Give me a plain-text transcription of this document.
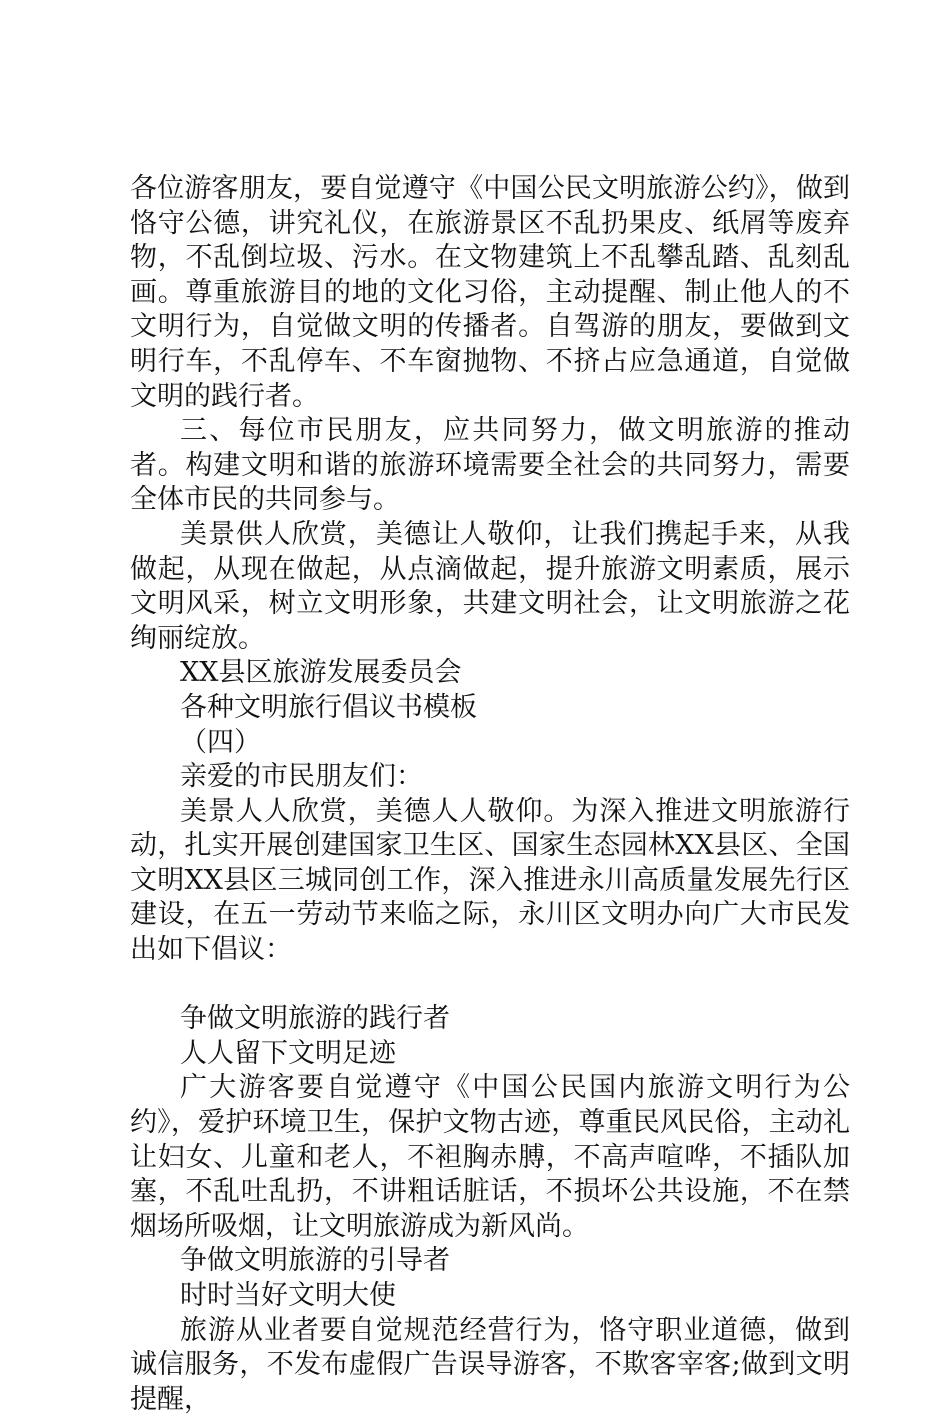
各位游客朋友，要自觉遵守《中国公民文明旅游公约》，做到恪守公德，讲究礼仪，在旅游景区不乱扔果皮、纸屑等废弃物，不乱倒垃圾、污水。在文物建筑上不乱攀乱踏、乱刻乱画。尊重旅游目的地的文化习俗，主动提醒、制止他人的不文明行为，自觉做文明的传播者。自驾游的朋友，要做到文明行车，不乱停车、不车窗抛物、不挤占应急通道，自觉做文明的践行者。

三、每位市民朋友，应共同努力，做文明旅游的推动者。构建文明和谐的旅游环境需要全社会的共同努力，需要全体市民的共同参与。

美景供人欣赏，美德让人敬仰，让我们携起手来，从我做起，从现在做起，从点滴做起，提升旅游文明素质，展示文明风采，树立文明形象，共建文明社会，让文明旅游之花绚丽绽放。

XX县区旅游发展委员会

各种文明旅行倡议书模板

（四）

亲爱的市民朋友们：

美景人人欣赏，美德人人敬仰。为深入推进文明旅游行动，扎实开展创建国家卫生区、国家生态园林XX县区、全国文明XX县区三城同创工作，深入推进永川高质量发展先行区建设，在五一劳动节来临之际，永川区文明办向广大市民发出如下倡议：

争做文明旅游的践行者

人人留下文明足迹

广大游客要自觉遵守《中国公民国内旅游文明行为公约》，爱护环境卫生，保护文物古迹，尊重民风民俗，主动礼让妇女、儿童和老人，不袒胸赤膊，不高声喧哗，不插队加塞，不乱吐乱扔，不讲粗话脏话，不损坏公共设施，不在禁烟场所吸烟，让文明旅游成为新风尚。

争做文明旅游的引导者

时时当好文明大使

旅游从业者要自觉规范经营行为，恪守职业道德，做到诚信服务，不发布虚假广告误导游客，不欺客宰客;做到文明提醒，
